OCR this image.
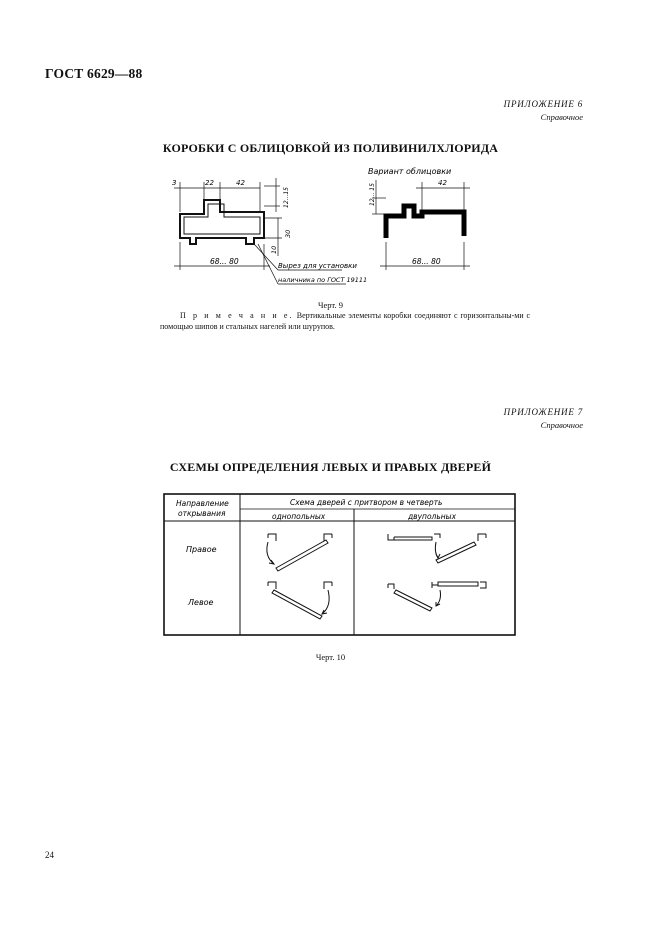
ГОСТ 6629—88
ПРИЛОЖЕНИЕ 6
Справочное
КОРОБКИ С ОБЛИЦОВКОЙ ИЗ ПОЛИВИНИЛХЛОРИДА
3	22	42
12...15
30
10
68... 80	Вырез для установки
наличника по ГОСТ 19111
Вариант облицовки
12... 15
42
68... 80
Черт. 9
П р и м е ч а н и е. Вертикальные элементы коробки соединяют с горизонтальны-ми с помощью шипов и стальных нагелей или шурупов.
ПРИЛОЖЕНИЕ 7
Справочное
СХЕМЫ ОПРЕДЕЛЕНИЯ ЛЕВЫХ И ПРАВЫХ ДВЕРЕЙ
Направление
открывания
Схема дверей с притвором в четверть
однопольных	двупольных
Правое
Левое
Черт. 10
24
